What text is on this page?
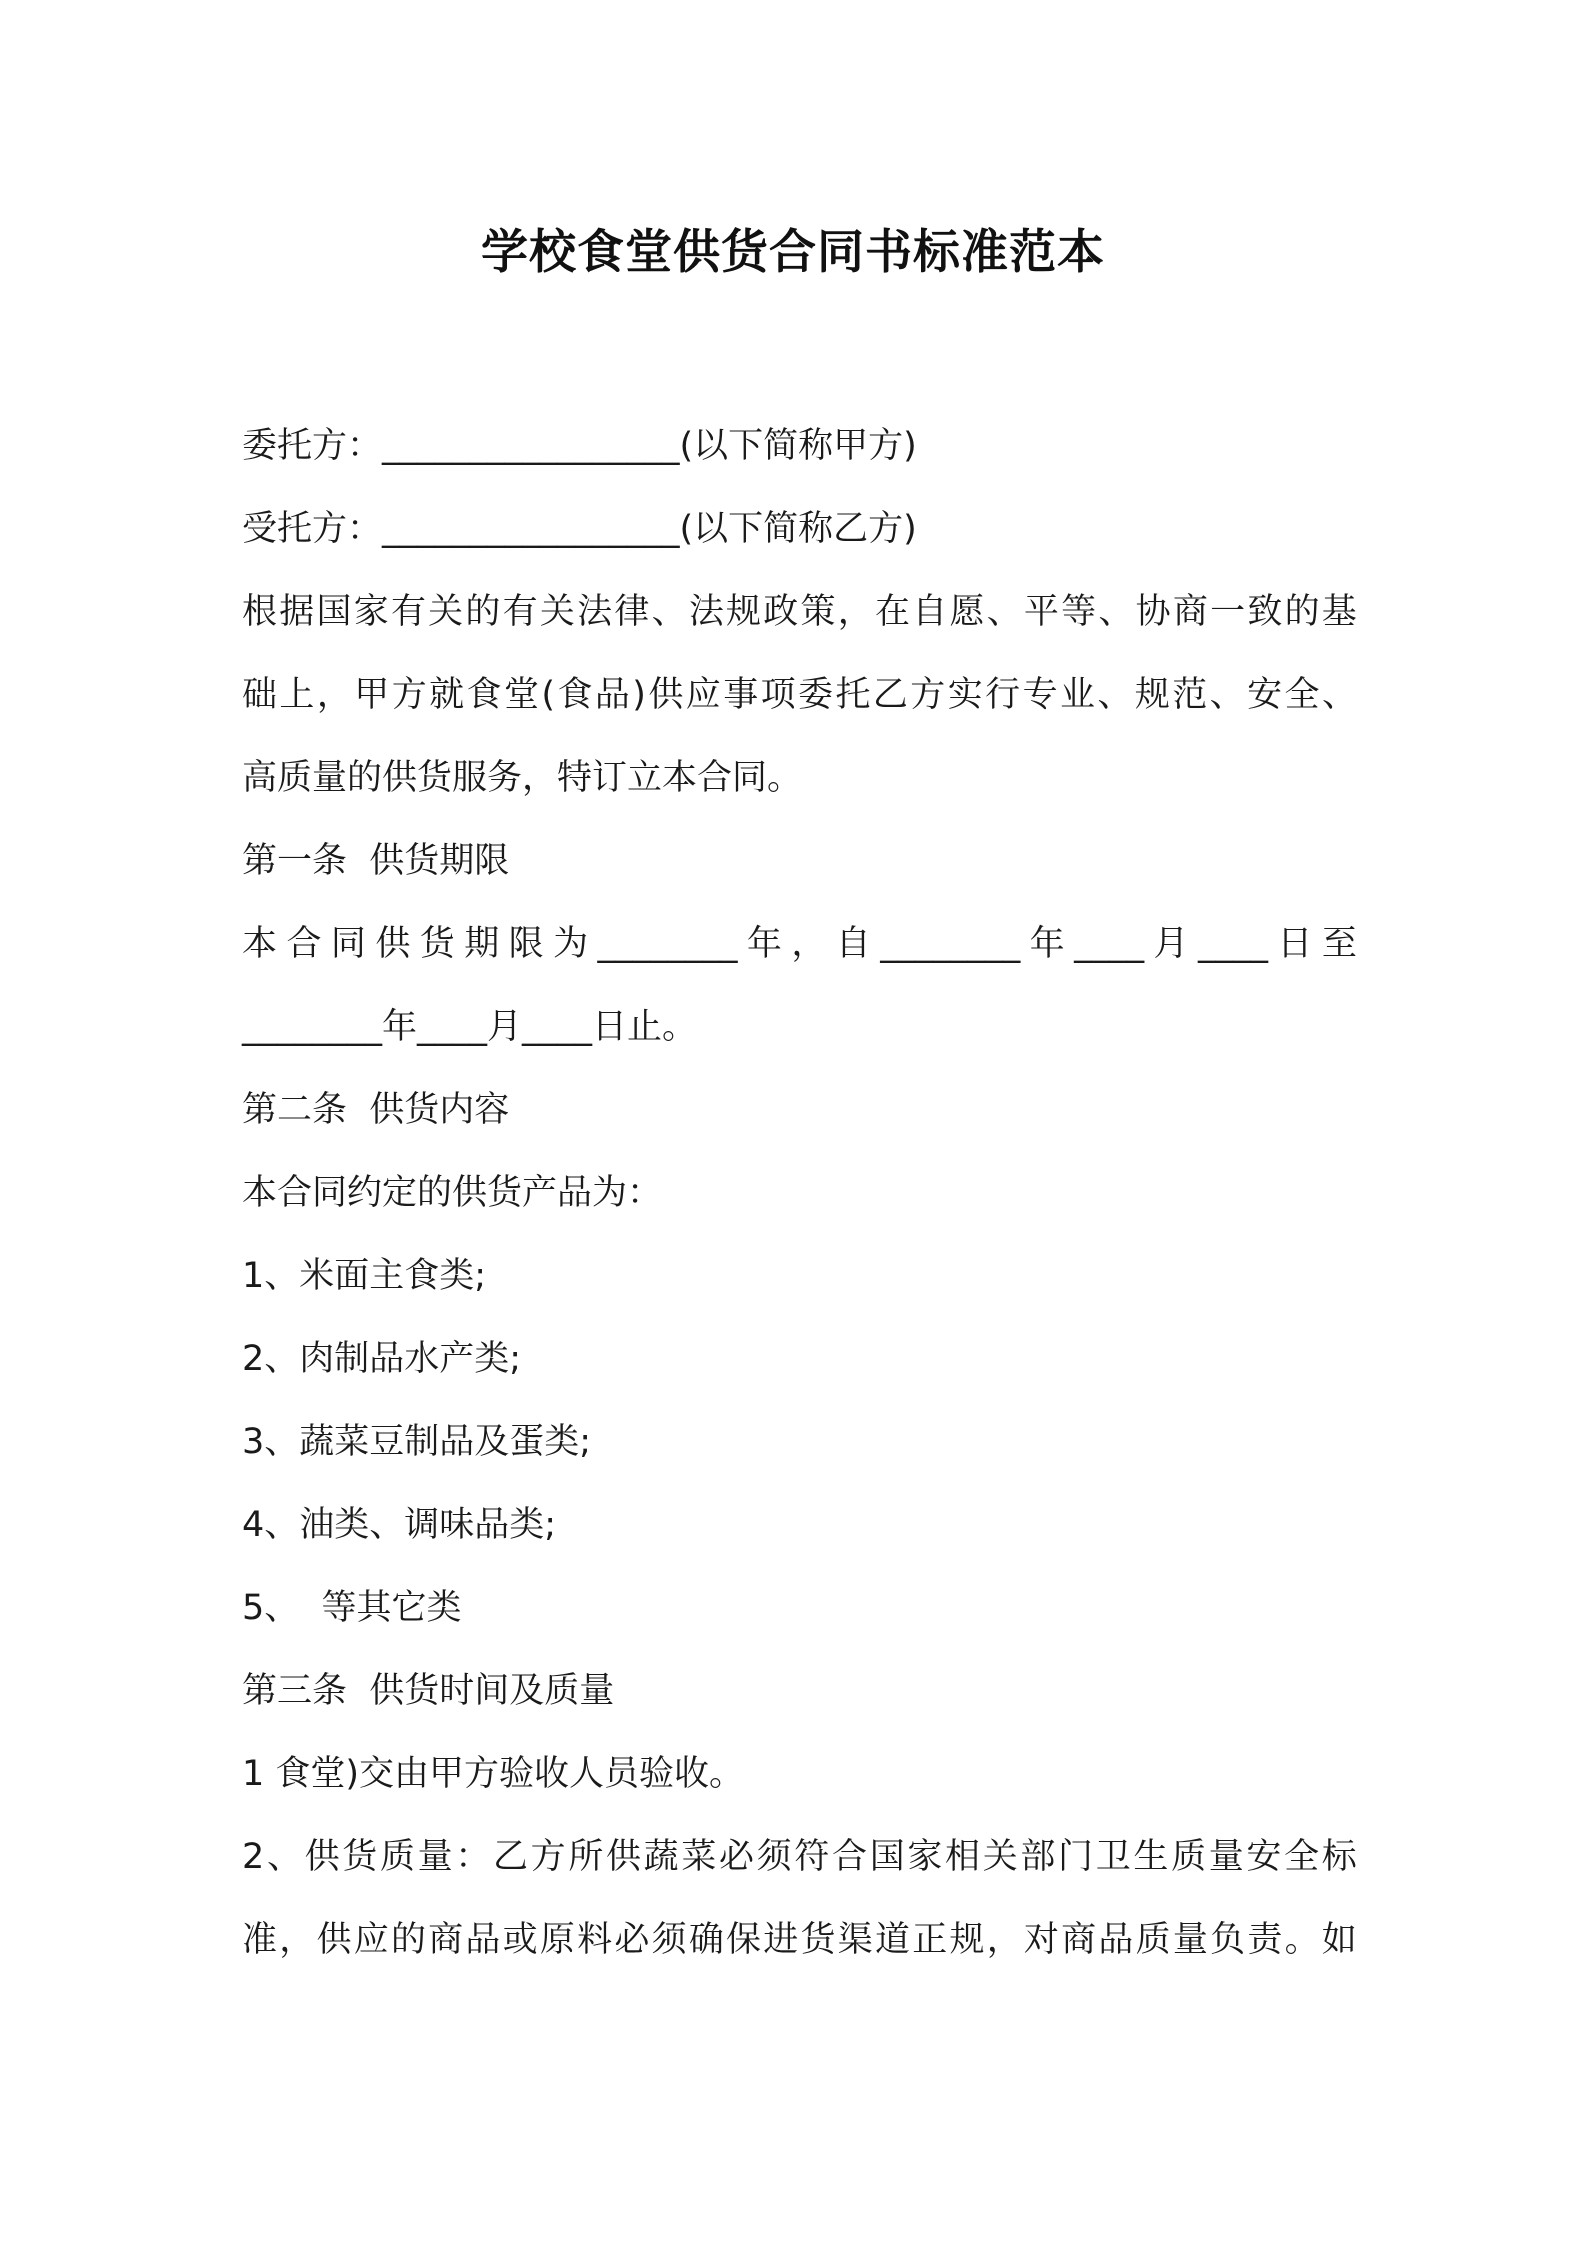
学校食堂供货合同书标准范本
委托方：_________________(以下简称甲方)
受托方：_________________(以下简称乙方)
根 据 国 家 有 关 的 有 关 法 律 、 法 规 政 策 ， 在 自 愿 、 平 等 、 协 商 一 致 的 基
础 上 ， 甲 方 就 食 堂 ( 食 品 ) 供 应 事 项 委 托 乙 方 实 行 专 业 、 规 范 、 安 全 、
高质量的供货服务，特订立本合同。
第一条  供货期限
本 合 同 供 货 期 限 为 ________ 年 ， 自 ________ 年 ____ 月 ____ 日 至
________年____月____日止。
第二条  供货内容
本合同约定的供货产品为：
1、米面主食类;
2、肉制品水产类;
3、蔬菜豆制品及蛋类;
4、油类、调味品类;
5、  等其它类
第三条  供货时间及质量
1 食堂)交由甲方验收人员验收。
2 、 供 货 质 量 ： 乙 方 所 供 蔬 菜 必 须 符 合 国 家 相 关 部 门 卫 生 质 量 安 全 标
准 ， 供 应 的 商 品 或 原 料 必 须 确 保 进 货 渠 道 正 规 ， 对 商 品 质 量 负 责 。 如
